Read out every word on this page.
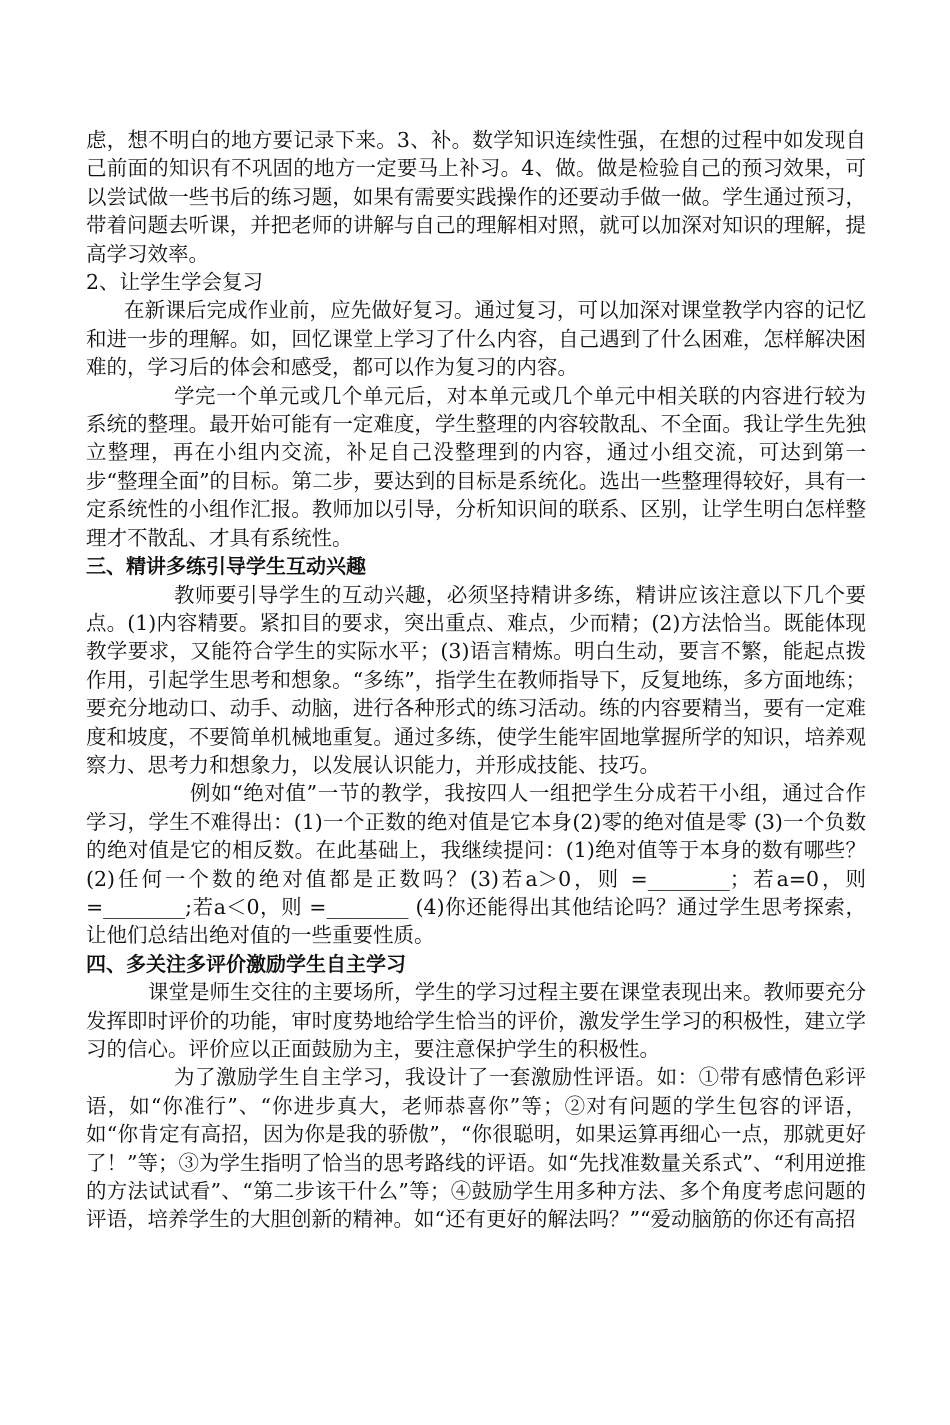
虑，想不明白的地方要记录下来。3、补。数学知识连续性强，在想的过程中如发现自己前面的知识有不巩固的地方一定要马上补习。4、做。做是检验自己的预习效果，可以尝试做一些书后的练习题，如果有需要实践操作的还要动手做一做。学生通过预习，带着问题去听课，并把老师的讲解与自己的理解相对照，就可以加深对知识的理解，提高学习效率。

2、让学生学会复习

在新课后完成作业前，应先做好复习。通过复习，可以加深对课堂教学内容的记忆和进一步的理解。如，回忆课堂上学习了什么内容，自己遇到了什么困难，怎样解决困难的，学习后的体会和感受，都可以作为复习的内容。

学完一个单元或几个单元后，对本单元或几个单元中相关联的内容进行较为系统的整理。最开始可能有一定难度，学生整理的内容较散乱、不全面。我让学生先独立整理，再在小组内交流，补足自己没整理到的内容，通过小组交流，可达到第一步“整理全面”的目标。第二步，要达到的目标是系统化。选出一些整理得较好，具有一定系统性的小组作汇报。教师加以引导，分析知识间的联系、区别，让学生明白怎样整理才不散乱、才具有系统性。

三、精讲多练引导学生互动兴趣

教师要引导学生的互动兴趣，必须坚持精讲多练，精讲应该注意以下几个要点。(1)内容精要。紧扣目的要求，突出重点、难点，少而精；(2)方法恰当。既能体现教学要求，又能符合学生的实际水平；(3)语言精炼。明白生动，要言不繁，能起点拨作用，引起学生思考和想象。“多练”，指学生在教师指导下，反复地练，多方面地练；要充分地动口、动手、动脑，进行各种形式的练习活动。练的内容要精当，要有一定难度和坡度，不要简单机械地重复。通过多练，使学生能牢固地掌握所学的知识，培养观察力、思考力和想象力，以发展认识能力，并形成技能、技巧。

例如“绝对值”一节的教学，我按四人一组把学生分成若干小组，通过合作学习，学生不难得出：(1)一个正数的绝对值是它本身(2)零的绝对值是零 (3)一个负数的绝对值是它的相反数。在此基础上，我继续提问：(1)绝对值等于本身的数有哪些？(2)任何一个数的绝对值都是正数吗？(3)若a＞0，则 =________；若a=0，则 =________;若a＜0，则 =________ (4)你还能得出其他结论吗？通过学生思考探索，让他们总结出绝对值的一些重要性质。

四、多关注多评价激励学生自主学习

课堂是师生交往的主要场所，学生的学习过程主要在课堂表现出来。教师要充分发挥即时评价的功能，审时度势地给学生恰当的评价，激发学生学习的积极性，建立学习的信心。评价应以正面鼓励为主，要注意保护学生的积极性。

为了激励学生自主学习，我设计了一套激励性评语。如：①带有感情色彩评语，如“你准行”、“你进步真大，老师恭喜你”等；②对有问题的学生包容的评语，如“你肯定有高招，因为你是我的骄傲”，“你很聪明，如果运算再细心一点，那就更好了！”等；③为学生指明了恰当的思考路线的评语。如“先找准数量关系式”、“利用逆推的方法试试看”、“第二步该干什么”等；④鼓励学生用多种方法、多个角度考虑问题的评语，培养学生的大胆创新的精神。如“还有更好的解法吗？”“爱动脑筋的你还有高招
